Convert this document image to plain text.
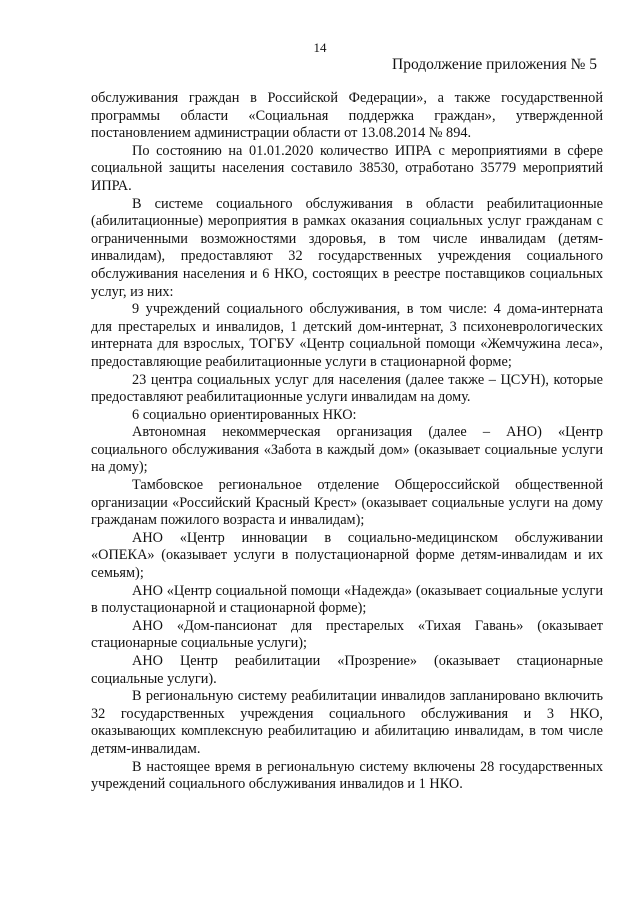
14
Продолжение приложения № 5

обслуживания граждан в Российской Федерации», а также государственной программы области «Социальная поддержка граждан», утвержденной постановлением администрации области от 13.08.2014 № 894.

По состоянию на 01.01.2020 количество ИПРА с мероприятиями в сфере социальной защиты населения составило 38530, отработано 35779 мероприятий ИПРА.

В системе социального обслуживания в области реабилитационные (абилитационные) мероприятия в рамках оказания социальных услуг гражданам с ограниченными возможностями здоровья, в том числе инвалидам (детям-инвалидам), предоставляют 32 государственных учреждения социального обслуживания населения и 6 НКО, состоящих в реестре поставщиков социальных услуг, из них:

9 учреждений социального обслуживания, в том числе: 4 дома-интерната для престарелых и инвалидов, 1 детский дом-интернат, 3 психоневрологических интерната для взрослых, ТОГБУ «Центр социальной помощи «Жемчужина леса», предоставляющие реабилитационные услуги в стационарной форме;

23 центра социальных услуг для населения (далее также – ЦСУН), которые предоставляют реабилитационные услуги инвалидам на дому.

6 социально ориентированных НКО:

Автономная некоммерческая организация (далее – АНО) «Центр социального обслуживания «Забота в каждый дом» (оказывает социальные услуги на дому);

Тамбовское региональное отделение Общероссийской общественной организации «Российский Красный Крест» (оказывает социальные услуги на дому гражданам пожилого возраста и инвалидам);

АНО «Центр инновации в социально-медицинском обслуживании «ОПЕКА» (оказывает услуги в полустационарной форме детям-инвалидам и их семьям);

АНО «Центр социальной помощи «Надежда» (оказывает социальные услуги в полустационарной и стационарной форме);

АНО «Дом-пансионат для престарелых «Тихая Гавань» (оказывает стационарные социальные услуги);

АНО Центр реабилитации «Прозрение» (оказывает стационарные социальные услуги).

В региональную систему реабилитации инвалидов запланировано включить 32 государственных учреждения социального обслуживания и 3 НКО, оказывающих комплексную реабилитацию и абилитацию инвалидам, в том числе детям-инвалидам.

В настоящее время в региональную систему включены 28 государственных учреждений социального обслуживания инвалидов и 1 НКО.
